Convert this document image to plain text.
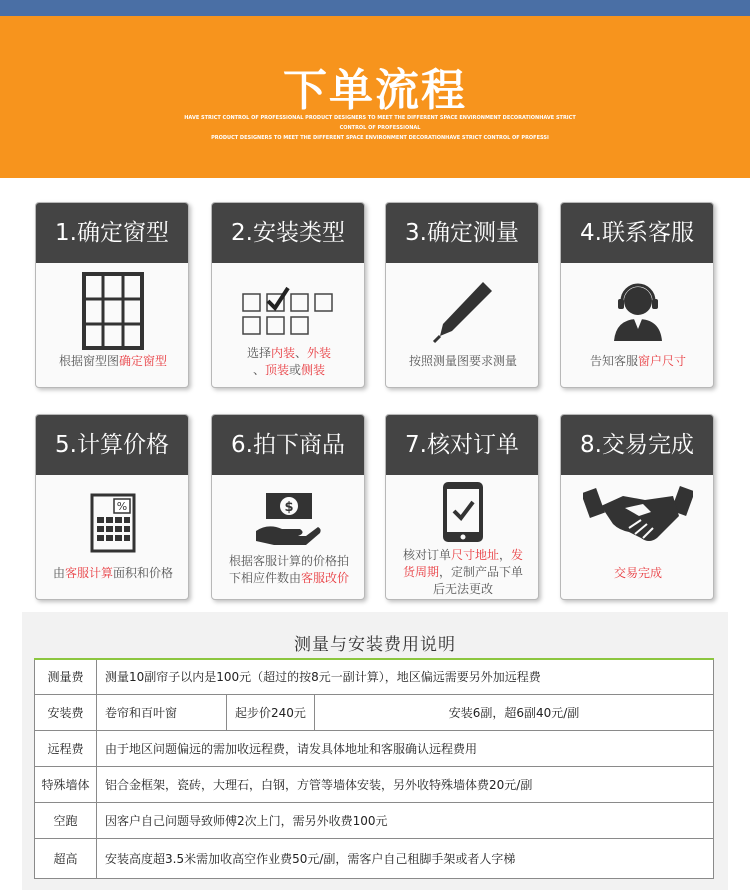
下单流程
HAVE STRICT CONTROL OF PROFESSIONAL PRODUCT DESIGNERS TO MEET THE DIFFERENT SPACE ENVIRONMENT DECORATIONHAVE STRICT CONTROL OF PROFESSIONAL
PRODUCT DESIGNERS TO MEET THE DIFFERENT SPACE ENVIRONMENT DECORATIONHAVE STRICT CONTROL OF PROFESSI
1.确定窗型
根据窗型图确定窗型
2.安装类型
选择内装、外装
、顶装或侧装
3.确定测量
按照测量图要求测量
4.联系客服
告知客服窗户尺寸
5.计算价格
%
由客服计算面积和价格
6.拍下商品
$
根据客服计算的价格拍
下相应件数由客服改价
7.核对订单
核对订单尺寸地址，发
货周期，定制产品下单
后无法更改
8.交易完成
交易完成
测量与安装费用说明
测量费	测量10副帘子以内是100元（超过的按8元一副计算），地区偏远需要另外加远程费		
安装费	卷帘和百叶窗	起步价240元	安装6副，超6副40元/副
远程费	由于地区问题偏远的需加收远程费，请发具体地址和客服确认远程费用		
特殊墙体	铝合金框架，瓷砖，大理石，白钢，方管等墙体安装，另外收特殊墙体费20元/副		
空跑	因客户自己问题导致师傅2次上门，需另外收费100元		
超高	安装高度超3.5米需加收高空作业费50元/副，需客户自己租脚手架或者人字梯		
